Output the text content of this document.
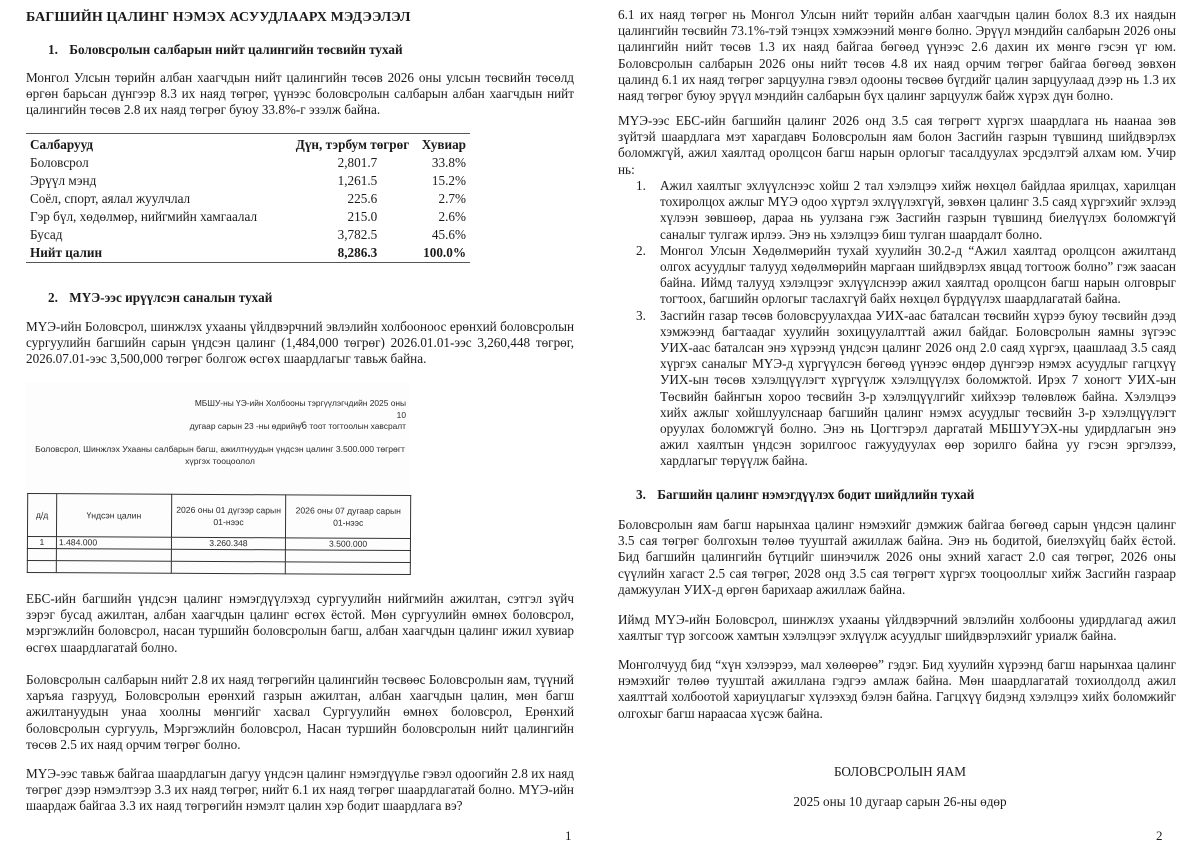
БАГШИЙН ЦАЛИНГ НЭМЭХ АСУУДЛААРХ МЭДЭЭЛЭЛ
1. Боловсролын салбарын нийт цалингийн төсвийн тухай
Монгол Улсын төрийн албан хаагчдын нийт цалингийн төсөв 2026 оны улсын төсвийн төсөлд өргөн барьсан дүнгээр 8.3 их наяд төгрөг, үүнээс боловсролын салбарын албан хаагчдын нийт цалингийн төсөв 2.8 их наяд төгрөг буюу 33.8%-г эзэлж байна.
Салбарууд	Дүн, тэрбум төгрөг	Хувиар
Боловсрол	2,801.7	33.8%
Эрүүл мэнд	1,261.5	15.2%
Соёл, спорт, аялал жуулчлал	225.6	2.7%
Гэр бүл, хөдөлмөр, нийгмийн хамгаалал	215.0	2.6%
Бусад	3,782.5	45.6%
Нийт цалин	8,286.3	100.0%
2. МҮЭ-ээс ирүүлсэн саналын тухай
МҮЭ-ийн Боловсрол, шинжлэх ухааны үйлдвэрчний эвлэлийн холбооноос ерөнхий боловсролын сургуулийн багшийн сарын үндсэн цалинг (1,484,000 төгрөг) 2026.01.01-ээс 3,260,448 төгрөг, 2026.07.01-ээс 3,500,000 төгрөг болгож өсгөх шаардлагыг тавьж байна.
МБШУ-ны ҮЭ-ийн Холбооны тэргүүлэгчдийн 2025 оны 10
дугаар сарын 23 -ны өдрийн⁄6 тоот тогтоолын хавсралт
Боловсрол, Шинжлэх Ухааны салбарын багш, ажилтнуудын үндсэн цалинг 3.500.000 төгрөгт хүргэх тооцоолол
д/д	Үндсэн цалин	2026 оны 01 дүгээр сарын 01-нээс	2026 оны 07 дугаар сарын 01-нээс
1	1.484.000	3.260.348	3.500.000

ЕБС-ийн багшийн үндсэн цалинг нэмэгдүүлэхэд сургуулийн нийгмийн ажилтан, сэтгэл зүйч зэрэг бусад ажилтан, албан хаагчдын цалинг өсгөх ёстой. Мөн сургуулийн өмнөх боловсрол, мэргэжлийн боловсрол, насан туршийн боловсролын багш, албан хаагчдын цалинг ижил хувиар өсгөх шаардлагатай болно.
Боловсролын салбарын нийт 2.8 их наяд төгрөгийн цалингийн төсвөөс Боловсролын яам, түүний харъяа газрууд, Боловсролын ерөнхий газрын ажилтан, албан хаагчдын цалин, мөн багш ажилтануудын унаа хоолны мөнгийг хасвал Сургуулийн өмнөх боловсрол, Ерөнхий боловсролын сургууль, Мэргэжлийн боловсрол, Насан туршийн боловсролын нийт цалингийн төсөв 2.5 их наяд орчим төгрөг болно.
МҮЭ-ээс тавьж байгаа шаардлагын дагуу үндсэн цалинг нэмэгдүүлье гэвэл одоогийн 2.8 их наяд төгрөг дээр нэмэлтээр 3.3 их наяд төгрөг, нийт 6.1 их наяд төгрөг шаардлагатай болно. МҮЭ-ийн шаардаж байгаа 3.3 их наяд төгрөгийн нэмэлт цалин хэр бодит шаардлага вэ?
1
6.1 их наяд төгрөг нь Монгол Улсын нийт төрийн албан хаагчдын цалин болох 8.3 их наядын цалингийн төсвийн 73.1%-тэй тэнцэх хэмжээний мөнгө болно. Эрүүл мэндийн салбарын 2026 оны цалингийн нийт төсөв 1.3 их наяд байгаа бөгөөд үүнээс 2.6 дахин их мөнгө гэсэн үг юм. Боловсролын салбарын 2026 оны нийт төсөв 4.8 их наяд орчим төгрөг байгаа бөгөөд зөвхөн цалинд 6.1 их наяд төгрөг зарцуулна гэвэл одооны төсвөө бүгдийг цалин зарцуулаад дээр нь 1.3 их наяд төгрөг буюу эрүүл мэндийн салбарын бүх цалинг зарцуулж байж хүрэх дүн болно.
МҮЭ-ээс ЕБС-ийн багшийн цалинг 2026 онд 3.5 сая төгрөгт хүргэх шаардлага нь наанаа зөв зүйтэй шаардлага мэт харагдавч Боловсролын яам болон Засгийн газрын түвшинд шийдвэрлэх боломжгүй, ажил хаялтад оролцсон багш нарын орлогыг тасалдуулах эрсдэлтэй алхам юм. Учир нь:
1. Ажил хаялтыг эхлүүлснээс хойш 2 тал хэлэлцээ хийж нөхцөл байдлаа ярилцах, харилцан тохиролцох ажлыг МҮЭ одоо хүртэл эхлүүлэхгүй, зөвхөн цалинг 3.5 саяд хүргэхийг эхлээд хүлээн зөвшөөр, дараа нь уулзана гэж Засгийн газрын түвшинд биелүүлэх боломжгүй саналыг тулгаж ирлээ. Энэ нь хэлэлцээ биш тулган шаардалт болно.
2. Монгол Улсын Хөдөлмөрийн тухай хуулийн 30.2-д “Ажил хаялтад оролцсон ажилтанд олгох асуудлыг талууд хөдөлмөрийн маргаан шийдвэрлэх явцад тогтоож болно” гэж заасан байна. Иймд талууд хэлэлцээг эхлүүлснээр ажил хаялтад оролцсон багш нарын олговрыг тогтоох, багшийн орлогыг таслахгүй байх нөхцөл бүрдүүлэх шаардлагатай байна.
3. Засгийн газар төсөв боловсруулахдаа УИХ-аас баталсан төсвийн хүрээ буюу төсвийн дээд хэмжээнд багтаадаг хуулийн зохицуулалттай ажил байдаг. Боловсролын яамны зүгээс УИХ-аас баталсан энэ хүрээнд үндсэн цалинг 2026 онд 2.0 саяд хүргэх, цаашлаад 3.5 саяд хүргэх саналыг МҮЭ-д хүргүүлсэн бөгөөд үүнээс өндөр дүнгээр нэмэх асуудлыг гагцхүү УИХ-ын төсөв хэлэлцүүлэгт хүргүүлж хэлэлцүүлэх боломжтой. Ирэх 7 хоногт УИХ-ын Төсвийн байнгын хороо төсвийн 3-р хэлэлцүүлгийг хийхээр төлөвлөж байна. Хэлэлцээ хийх ажлыг хойшлуулснаар багшийн цалинг нэмэх асуудлыг төсвийн 3-р хэлэлцүүлэгт оруулах боломжгүй болно. Энэ нь Цогтгэрэл даргатай МБШУҮЭХ-ны удирдлагын энэ ажил хаялтын үндсэн зорилгоос гажуудуулах өөр зорилго байна уу гэсэн эргэлзээ, хардлагыг төрүүлж байна.
3. Багшийн цалинг нэмэгдүүлэх бодит шийдлийн тухай
Боловсролын яам багш нарынхаа цалинг нэмэхийг дэмжиж байгаа бөгөөд сарын үндсэн цалинг 3.5 сая төгрөг болгохын төлөө тууштай ажиллаж байна. Энэ нь бодитой, биелэхүйц байх ёстой. Бид багшийн цалингийн бүтцийг шинэчилж 2026 оны эхний хагаст 2.0 сая төгрөг, 2026 оны сүүлийн хагаст 2.5 сая төгрөг, 2028 онд 3.5 сая төгрөгт хүргэх тооцооллыг хийж Засгийн газраар дамжуулан УИХ-д өргөн барихаар ажиллаж байна.
Иймд МҮЭ-ийн Боловсрол, шинжлэх ухааны үйлдвэрчний эвлэлийн холбооны удирдлагад ажил хаялтыг түр зогсоож хамтын хэлэлцээг эхлүүлж асуудлыг шийдвэрлэхийг уриалж байна.
Монголчууд бид “хүн хэлээрээ, мал хөлөөрөө” гэдэг. Бид хуулийн хүрээнд багш нарынхаа цалинг нэмэхийг төлөө тууштай ажиллана гэдгээ амлаж байна. Мөн шаардлагатай тохиолдолд ажил хаялттай холбоотой хариуцлагыг хүлээхэд бэлэн байна. Гагцхүү бидэнд хэлэлцээ хийх боломжийг олгохыг багш нараасаа хүсэж байна.
БОЛОВСРОЛЫН ЯАМ
2025 оны 10 дугаар сарын 26-ны өдөр
2
